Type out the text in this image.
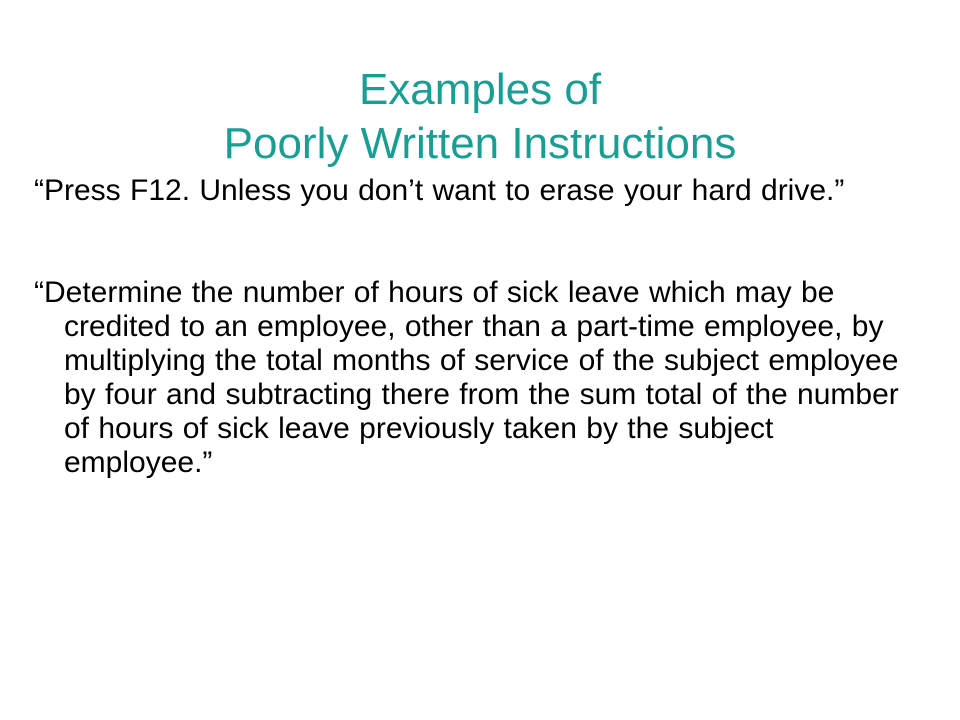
Examples of
Poorly Written Instructions

“Press F12. Unless you don’t want to erase your hard drive.”

“Determine the number of hours of sick leave which may be credited to an employee, other than a part-time employee, by multiplying the total months of service of the subject employee by four and subtracting there from the sum total of the number of hours of sick leave previously taken by the subject employee.”
